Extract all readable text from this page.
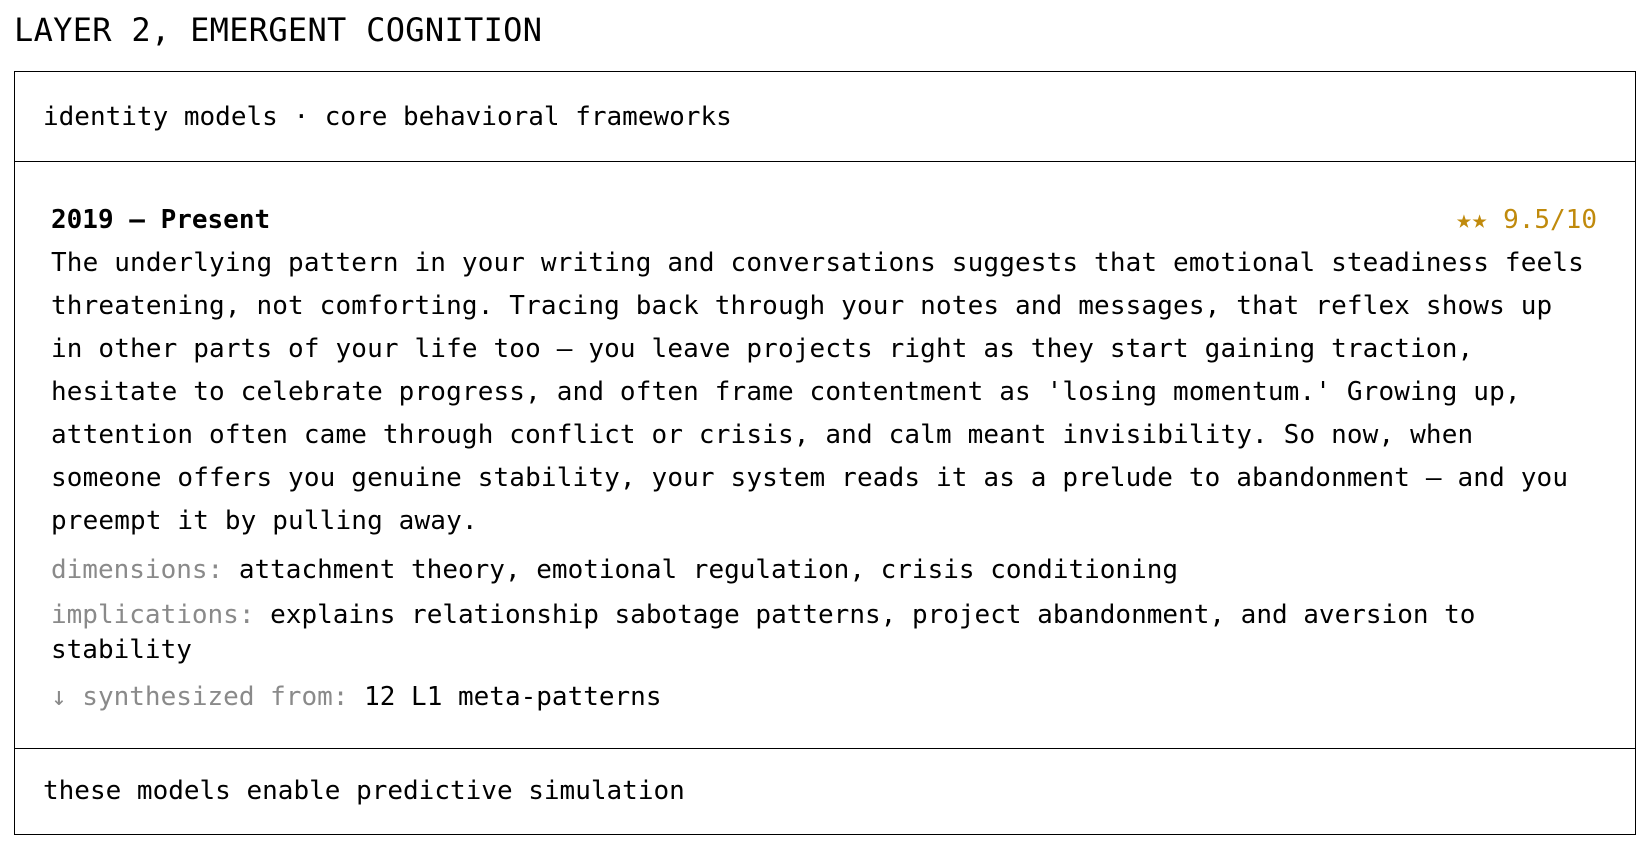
LAYER 2, EMERGENT COGNITION
identity models · core behavioral frameworks
2019 – Present	★★ 9.5/10

The underlying pattern in your writing and conversations suggests that emotional steadiness feels threatening, not comforting. Tracing back through your notes and messages, that reflex shows up in other parts of your life too — you leave projects right as they start gaining traction, hesitate to celebrate progress, and often frame contentment as 'losing momentum.' Growing up, attention often came through conflict or crisis, and calm meant invisibility. So now, when someone offers you genuine stability, your system reads it as a prelude to abandonment — and you preempt it by pulling away.

dimensions: attachment theory, emotional regulation, crisis conditioning
implications: explains relationship sabotage patterns, project abandonment, and aversion to stability
↓ synthesized from: 12 L1 meta-patterns
these models enable predictive simulation
